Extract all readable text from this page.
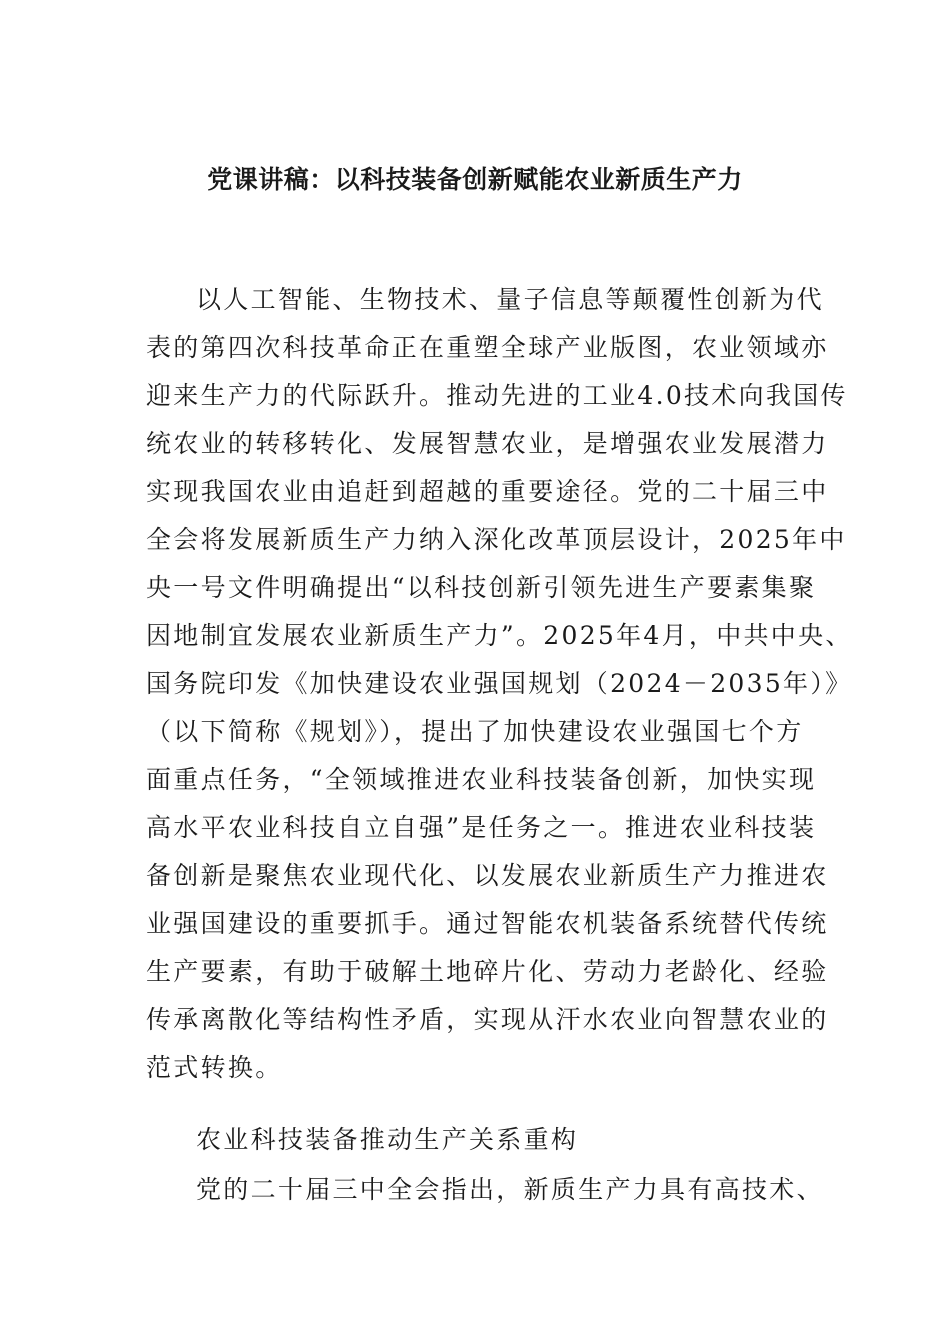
党课讲稿：以科技装备创新赋能农业新质生产力
以人工智能、生物技术、量子信息等颠覆性创新为代
表的第四次科技革命正在重塑全球产业版图，农业领域亦
迎来生产力的代际跃升。推动先进的工业4.0技术向我国传
统农业的转移转化、发展智慧农业，是增强农业发展潜力
实现我国农业由追赶到超越的重要途径。党的二十届三中
全会将发展新质生产力纳入深化改革顶层设计，2025年中
央一号文件明确提出“以科技创新引领先进生产要素集聚
因地制宜发展农业新质生产力”。2025年4月，中共中央、
国务院印发《加快建设农业强国规划（2024－2035年）》
（以下简称《规划》），提出了加快建设农业强国七个方
面重点任务，“全领域推进农业科技装备创新，加快实现
高水平农业科技自立自强”是任务之一。推进农业科技装
备创新是聚焦农业现代化、以发展农业新质生产力推进农
业强国建设的重要抓手。通过智能农机装备系统替代传统
生产要素，有助于破解土地碎片化、劳动力老龄化、经验
传承离散化等结构性矛盾，实现从汗水农业向智慧农业的
范式转换。
农业科技装备推动生产关系重构
党的二十届三中全会指出，新质生产力具有高技术、
